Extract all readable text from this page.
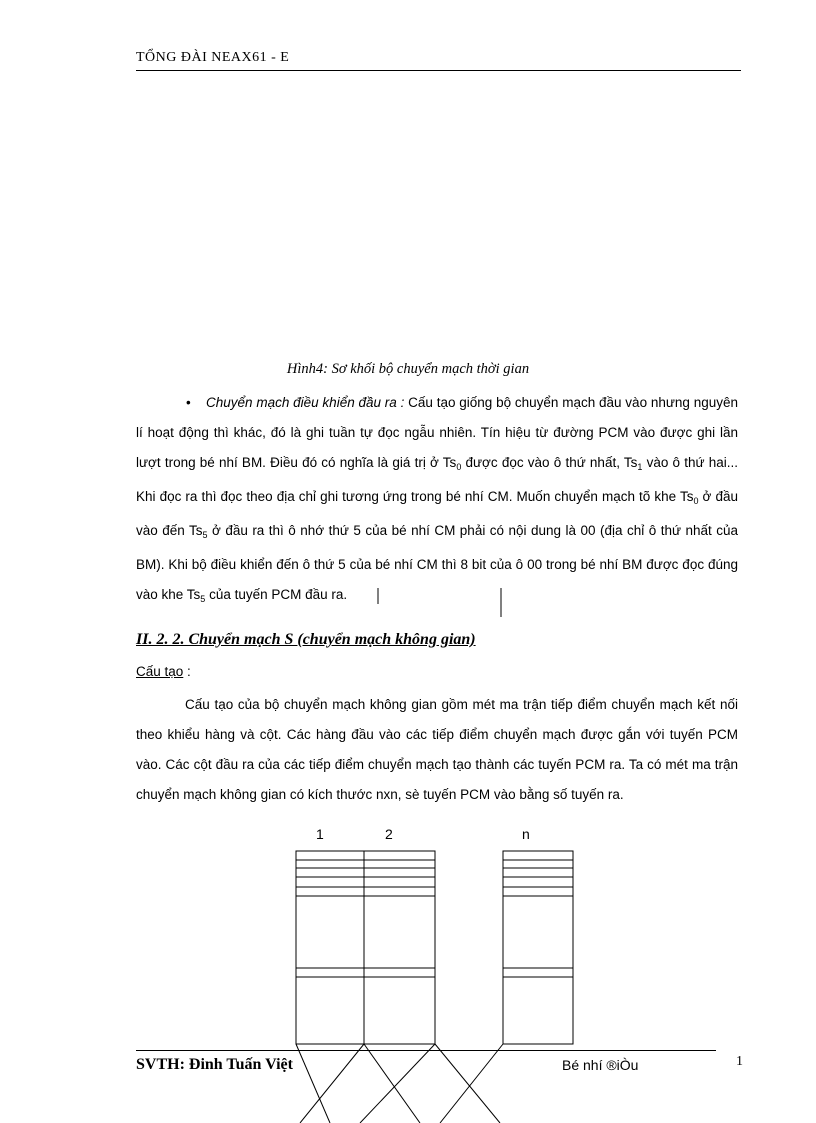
TỔNG ĐÀI NEAX61 - E
Hình4: Sơ khối bộ chuyển mạch thời gian
• Chuyển mạch điều khiển đầu ra : Cấu tạo giống bộ chuyển mạch đầu vào nhưng nguyên lí hoạt động thì khác, đó là ghi tuần tự đọc ngẫu nhiên. Tín hiệu từ đường PCM vào được ghi lần lượt trong bé nhí BM. Điều đó có nghĩa là giá trị ở $Ts_0$ được đọc vào ô thứ nhất, $Ts_1$ vào ô thứ hai... Khi đọc ra thì đọc theo địa chỉ ghi tương ứng trong bé nhí CM. Muốn chuyển mạch tõ khe $Ts_0$ ở đầu vào đến $Ts_5$ ở đầu ra thì ô nhớ thứ 5 của bé nhí CM phải có nội dung là 00 (địa chỉ ô thứ nhất của BM). Khi bộ điều khiển đến ô thứ 5 của bé nhí CM thì 8 bit của ô 00 trong bé nhí BM được đọc đúng vào khe $Ts_5$ của tuyến PCM đầu ra.
II. 2. 2. Chuyển mạch S (chuyển mạch không gian)
Cấu tạo :
Cấu tạo của bộ chuyển mạch không gian gồm mét ma trận tiếp điểm chuyển mạch kết nối theo khiểu hàng và cột. Các hàng đầu vào các tiếp điểm chuyển mạch được gắn với tuyến PCM vào. Các cột đầu ra của các tiếp điểm chuyển mạch tạo thành các tuyến PCM ra. Ta có mét ma trận chuyển mạch không gian có kích thước nxn, sè tuyến PCM vào bằng số tuyến ra.
1	2	n
SVTH: Đinh Tuấn Việt	Bé nhí ®iÒu	1
